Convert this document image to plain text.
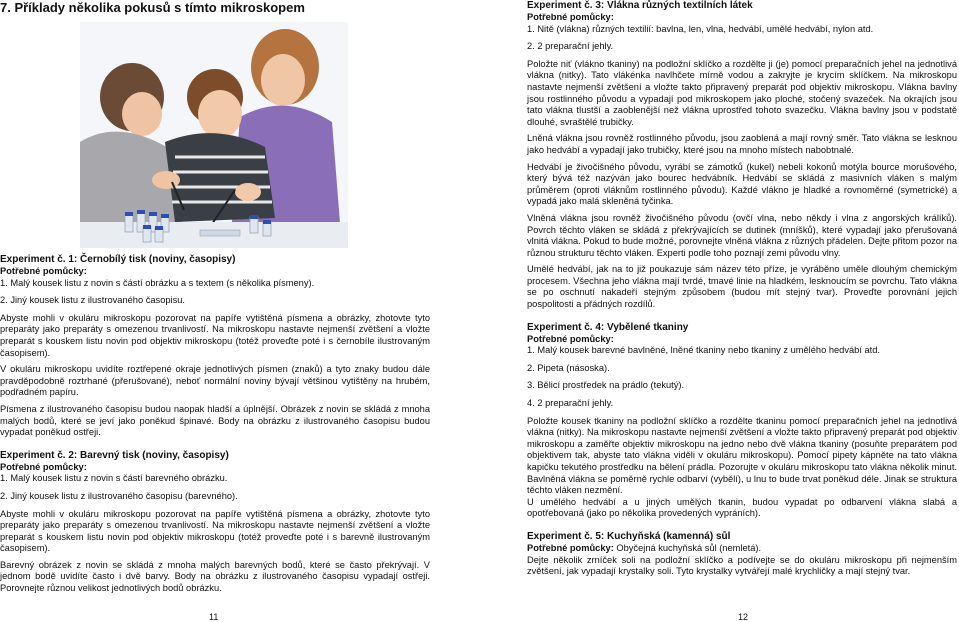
7. Příklady několika pokusů s tímto mikroskopem

Experiment č. 1: Černobílý tisk (noviny, časopisy)

Potřebné pomůcky:

1. Malý kousek listu z novin s částí obrázku a s textem (s několika písmeny).

2. Jiný kousek listu z ilustrovaného časopisu.

Abyste mohli v okuláru mikroskopu pozorovat na papíře vytištěná písmena a obrázky, zhotovte tyto preparáty jako preparáty s omezenou trvanlivostí. Na mikroskopu nastavte nejmenší zvětšení a vložte preparát s kouskem listu novin pod objektiv mikroskopu (totéž proveďte poté i s černobíle ilustrovaným časopisem).

V okuláru mikroskopu uvidíte roztřepené okraje jednotlivých písmen (znaků) a tyto znaky budou dále pravděpodobně roztrhané (přerušované), neboť normální noviny bývají většinou vytištěny na hrubém, podřadném papíru.

Písmena z ilustrovaného časopisu budou naopak hladší a úplnější. Obrázek z novin se skládá z mnoha malých bodů, které se jeví jako poněkud špinavé. Body na obrázku z ilustrovaného časopisu budou vypadat poněkud ostřeji.

Experiment č. 2: Barevný tisk (noviny, časopisy)

Potřebné pomůcky:

1. Malý kousek listu z novin s částí barevného obrázku.

2. Jiný kousek listu z ilustrovaného časopisu (barevného).

Abyste mohli v okuláru mikroskopu pozorovat na papíře vytištěná písmena a obrázky, zhotovte tyto preparáty jako preparáty s omezenou trvanlivostí. Na mikroskopu nastavte nejmenší zvětšení a vložte preparát s kouskem listu novin pod objektiv mikroskopu (totéž proveďte poté i s barevně ilustrovaným časopisem).

Barevný obrázek z novin se skládá z mnoha malých barevných bodů, které se často překrývají. V jednom bodě uvidíte často i dvě barvy. Body na obrázku z ilustrovaného časopisu vypadají ostřeji. Porovnejte různou velikost jednotlivých bodů obrázku.

11

Experiment č. 3: Vlákna různých textilních látek

Potřebné pomůcky:

1. Nitě (vlákna) různých textilií: bavlna, len, vlna, hedvábí, umělé hedvábí, nylon atd.

2. 2 preparační jehly.

Položte niť (vlákno tkaniny) na podložní sklíčko a rozdělte ji (je) pomocí preparačních jehel na jednotlivá vlákna (nitky). Tato vlákénka navlhčete mírně vodou a zakryjte je krycím sklíčkem. Na mikroskopu nastavte nejmenší zvětšení a vložte takto připravený preparát pod objektiv mikroskopu. Vlákna bavlny jsou rostlinného původu a vypadají pod mikroskopem jako ploché, stočený svazeček. Na okrajích jsou tato vlákna tlustší a zaoblenější než vlákna uprostřed tohoto svazečku. Vlákna bavlny jsou v podstatě dlouhé, svraštělé trubičky.

Lněná vlákna jsou rovněž rostlinného původu, jsou zaoblená a mají rovný směr. Tato vlákna se lesknou jako hedvábí a vypadají jako trubičky, které jsou na mnoho místech nabobtnalé.

Hedvábí je živočišného původu, vyrábí se zámotků (kukel) nebeli kokonů motýla bource morušového, který bývá též nazýván jako bourec hedvábník. Hedvábí se skládá z masivních vláken s malým průměrem (oproti vláknům rostlinného původu). Každé vlákno je hladké a rovnoměrné (symetrické) a vypadá jako malá skleněná tyčinka.

Vlněná vlákna jsou rovněž živočišného původu (ovčí vlna, nebo někdy i vlna z angorských králíků). Povrch těchto vláken se skládá z překrývajících se dutinek (mníšků), které vypadají jako přerušovaná vlnitá vlákna. Pokud to bude možné, porovnejte vlněná vlákna z různých přádelen. Dejte přitom pozor na různou strukturu těchto vláken. Experti podle toho poznají zemi původu vlny.

Umělé hedvábí, jak na to již poukazuje sám název této příze, je vyráběno uměle dlouhým chemickým procesem. Všechna jeho vlákna mají tvrdé, tmavé linie na hladkém, lesknoucím se povrchu. Tato vlákna se po oschnutí nakadeří stejným způsobem (budou mít stejný tvar). Proveďte porovnání jejich pospolitosti a přádných rozdílů.

Experiment č. 4: Vybělené tkaniny

Potřebné pomůcky:

1. Malý kousek barevné bavlněné, lněné tkaniny nebo tkaniny z umělého hedvábí atd.

2. Pipeta (násoska).

3. Bělicí prostředek na prádlo (tekutý).

4. 2 preparační jehly.

Položte kousek tkaniny na podložní sklíčko a rozdělte tkaninu pomocí preparačních jehel na jednotlivá vlákna (nitky). Na mikroskopu nastavte nejmenší zvětšení a vložte takto připravený preparát pod objektiv mikroskopu a zaměřte objektiv mikroskopu na jedno nebo dvě vlákna tkaniny (posuňte preparátem pod objektivem tak, abyste tato vlákna viděli v okuláru mikroskopu). Pomocí pipety kápněte na tato vlákna kapičku tekutého prostředku na bělení prádla. Pozorujte v okuláru mikroskopu tato vlákna několik minut. Bavlněná vlákna se poměrně rychle odbarví (vybělí), u lnu to bude trvat poněkud déle. Jinak se struktura těchto vláken nezmění.

U umělého hedvábí a u jiných umělých tkanin, budou vypadat po odbarvení vlákna slabá a opotřebovaná (jako po několika provedených vypráních).

Experiment č. 5: Kuchyňská (kamenná) sůl

Potřebné pomůcky: Obyčejná kuchyňská sůl (nemletá).

Dejte několik zrníček soli na podložní sklíčko a podívejte se do okuláru mikroskopu při nejmenším zvětšení, jak vypadají krystalky soli. Tyto krystalky vytvářejí malé krychličky a mají stejný tvar.

12
